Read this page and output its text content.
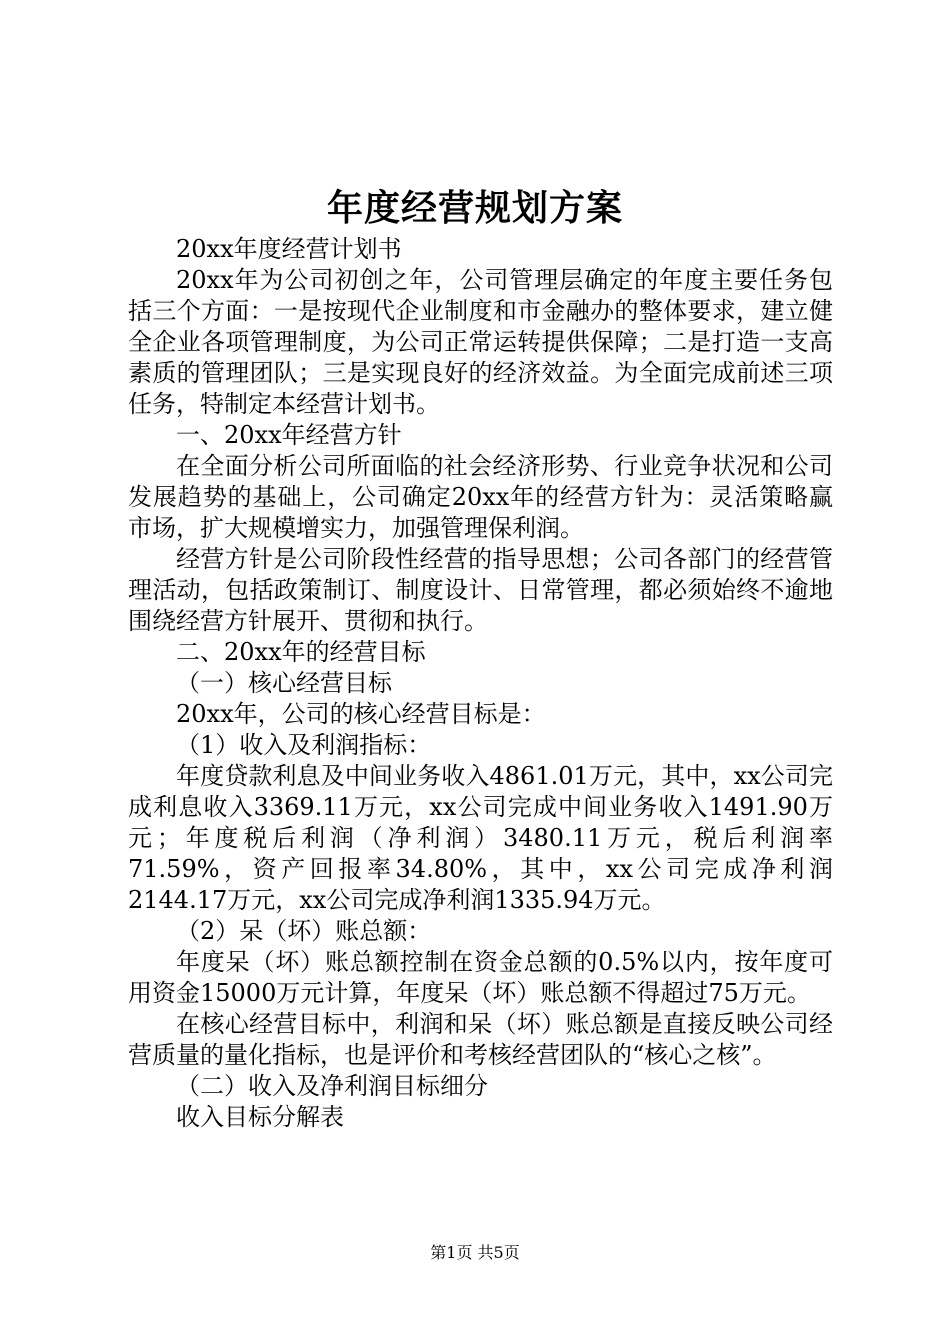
年度经营规划方案

20xx年度经营计划书

20xx年为公司初创之年，公司管理层确定的年度主要任务包括三个方面：一是按现代企业制度和市金融办的整体要求，建立健全企业各项管理制度，为公司正常运转提供保障；二是打造一支高素质的管理团队；三是实现良好的经济效益。为全面完成前述三项任务，特制定本经营计划书。

一、20xx年经营方针

在全面分析公司所面临的社会经济形势、行业竞争状况和公司发展趋势的基础上，公司确定20xx年的经营方针为：灵活策略赢市场，扩大规模增实力，加强管理保利润。

经营方针是公司阶段性经营的指导思想；公司各部门的经营管理活动，包括政策制订、制度设计、日常管理，都必须始终不逾地围绕经营方针展开、贯彻和执行。

二、20xx年的经营目标

（一）核心经营目标

20xx年，公司的核心经营目标是：

（1）收入及利润指标：

年度贷款利息及中间业务收入4861.01万元，其中，xx公司完成利息收入3369.11万元，xx公司完成中间业务收入1491.90万元；年度税后利润（净利润）3480.11万元，税后利润率71.59%，资产回报率34.80%，其中，xx公司完成净利润2144.17万元，xx公司完成净利润1335.94万元。

（2）呆（坏）账总额：

年度呆（坏）账总额控制在资金总额的0.5%以内，按年度可用资金15000万元计算，年度呆（坏）账总额不得超过75万元。

在核心经营目标中，利润和呆（坏）账总额是直接反映公司经营质量的量化指标，也是评价和考核经营团队的“核心之核”。

（二）收入及净利润目标细分

收入目标分解表

第1页 共5页
